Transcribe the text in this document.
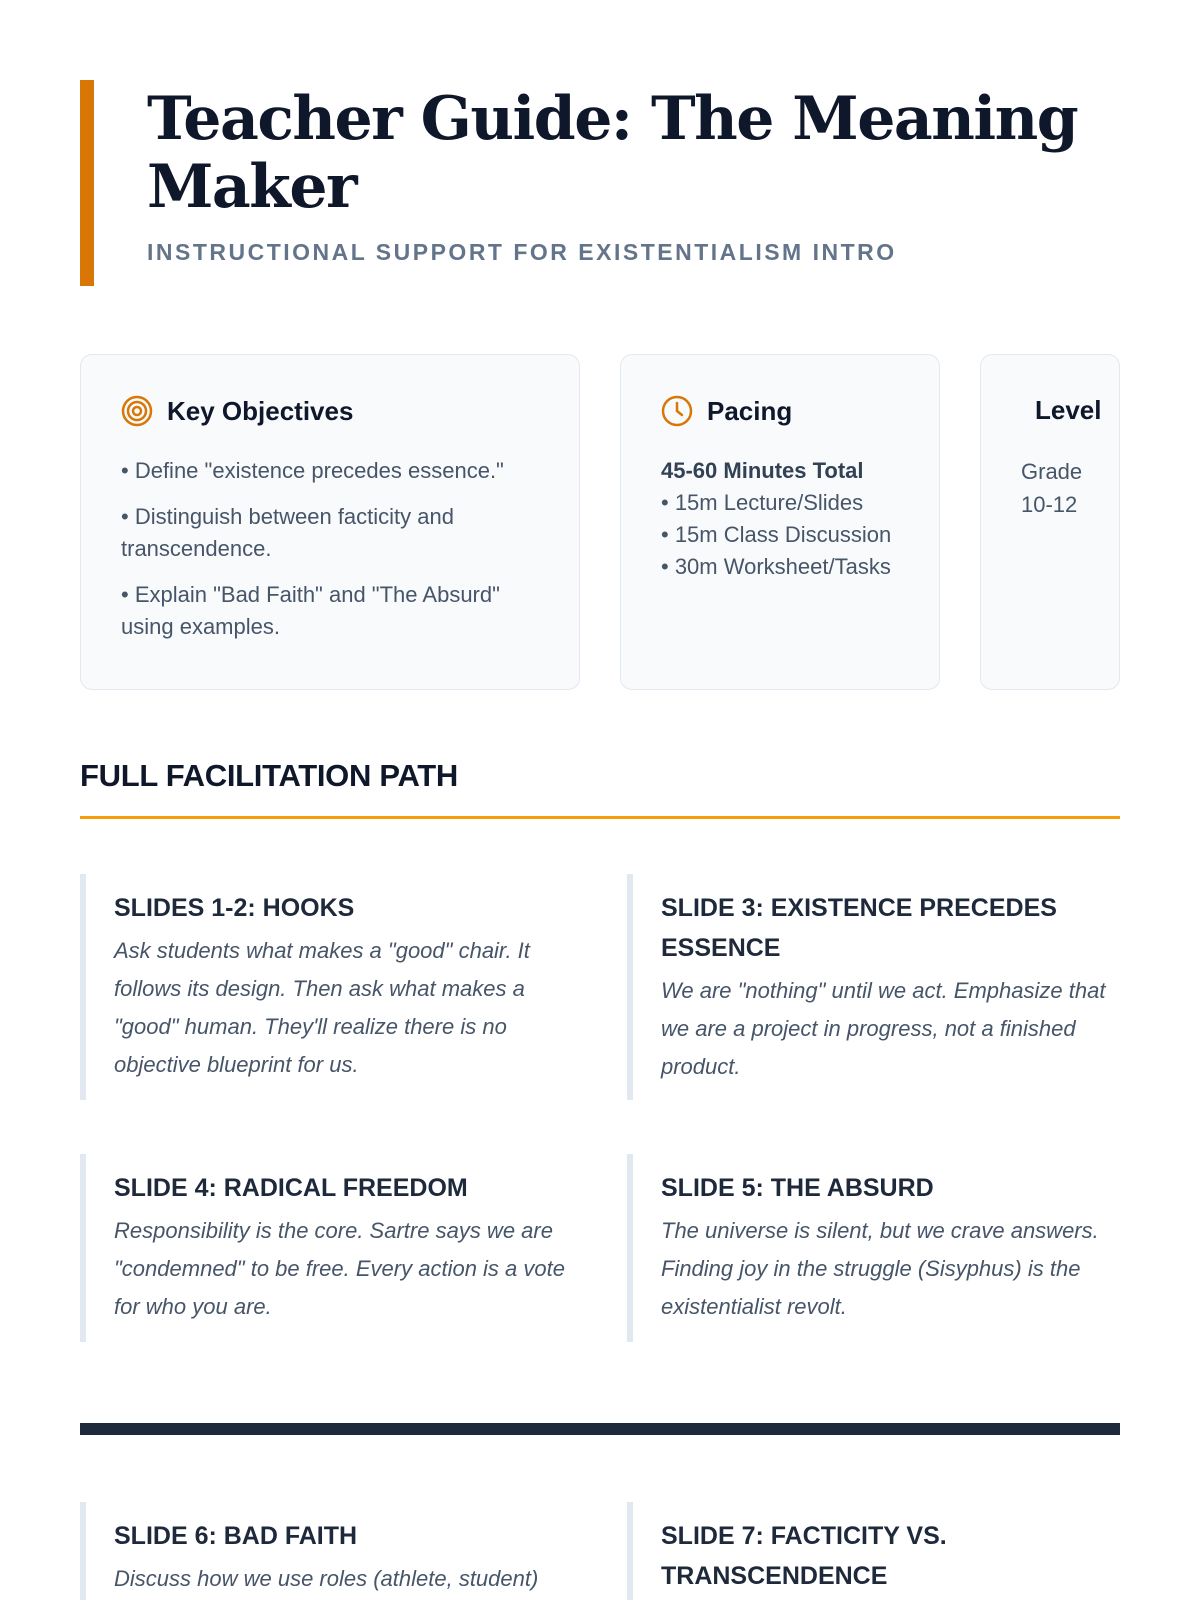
Teacher Guide: The Meaning Maker
INSTRUCTIONAL SUPPORT FOR EXISTENTIALISM INTRO
Key Objectives
• Define "existence precedes essence."
• Distinguish between facticity and transcendence.
• Explain "Bad Faith" and "The Absurd" using examples.
Pacing
45-60 Minutes Total
• 15m Lecture/Slides
• 15m Class Discussion
• 30m Worksheet/Tasks
Level
Grade 10-12
FULL FACILITATION PATH
SLIDES 1-2: HOOKS
Ask students what makes a "good" chair. It follows its design. Then ask what makes a "good" human. They'll realize there is no objective blueprint for us.
SLIDE 3: EXISTENCE PRECEDES ESSENCE
We are "nothing" until we act. Emphasize that we are a project in progress, not a finished product.
SLIDE 4: RADICAL FREEDOM
Responsibility is the core. Sartre says we are "condemned" to be free. Every action is a vote for who you are.
SLIDE 5: THE ABSURD
The universe is silent, but we crave answers. Finding joy in the struggle (Sisyphus) is the existentialist revolt.
SLIDE 6: BAD FAITH
Discuss how we use roles (athlete, student)
SLIDE 7: FACTICITY VS. TRANSCENDENCE
